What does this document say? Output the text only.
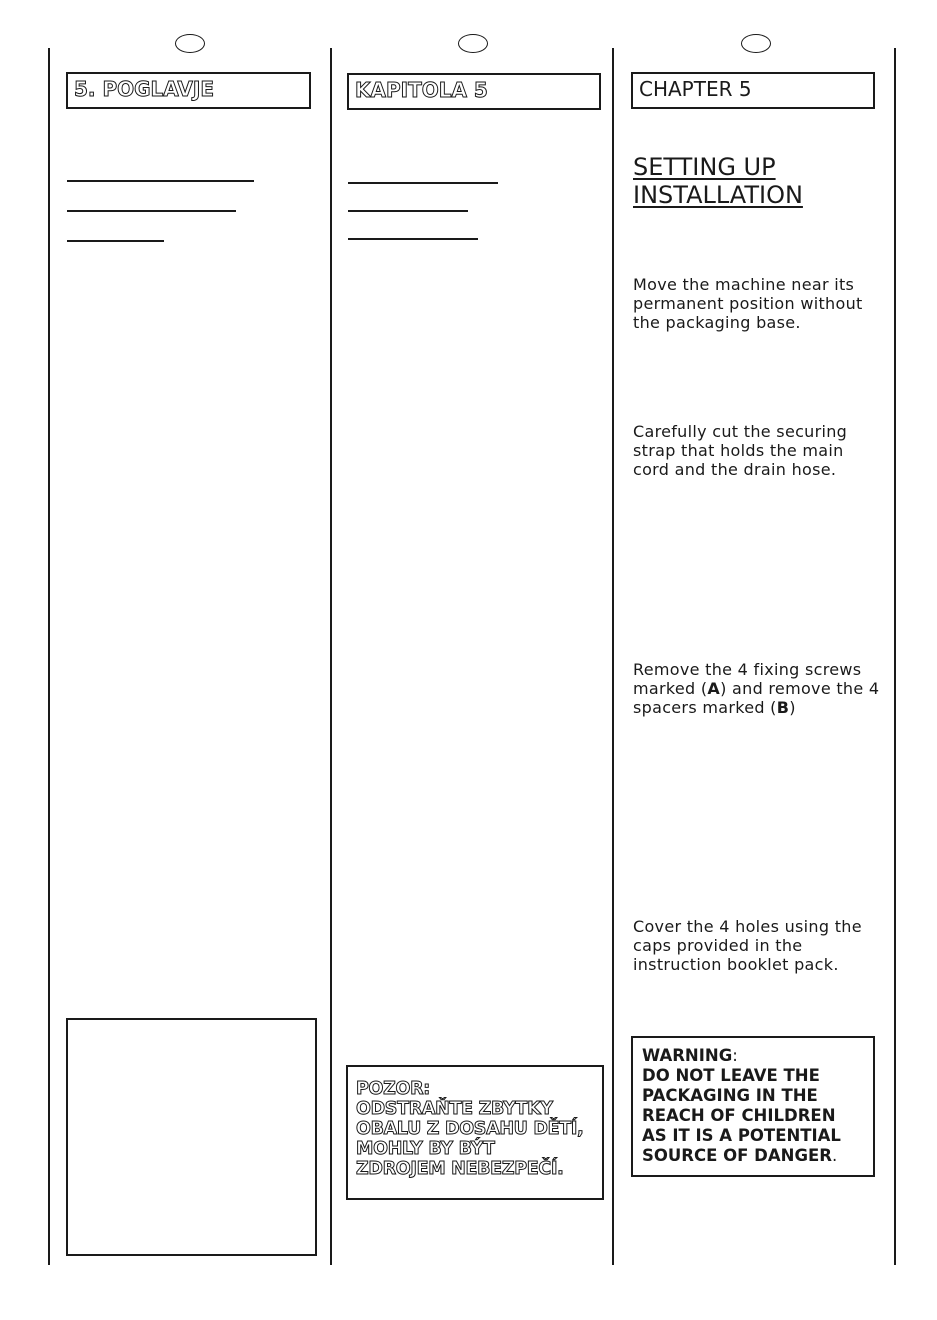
5. POGLAVJE	KAPITOLA 5
POZOR:
ODSTRAŇTE ZBYTKY
OBALU Z DOSAHU DĚTÍ,
MOHLY BY BÝT
ZDROJEM NEBEZPEČÍ.
CHAPTER 5
SETTING UP
INSTALLATION
Move the machine near its permanent position without the packaging base.
Carefully cut the securing strap that holds the main cord and the drain hose.
Remove the 4 fixing screws marked (A) and remove the 4 spacers marked (B)
Cover the 4 holes using the caps provided in the instruction booklet pack.
WARNING:
DO NOT LEAVE THE
PACKAGING IN THE
REACH OF CHILDREN
AS IT IS A POTENTIAL
SOURCE OF DANGER.
